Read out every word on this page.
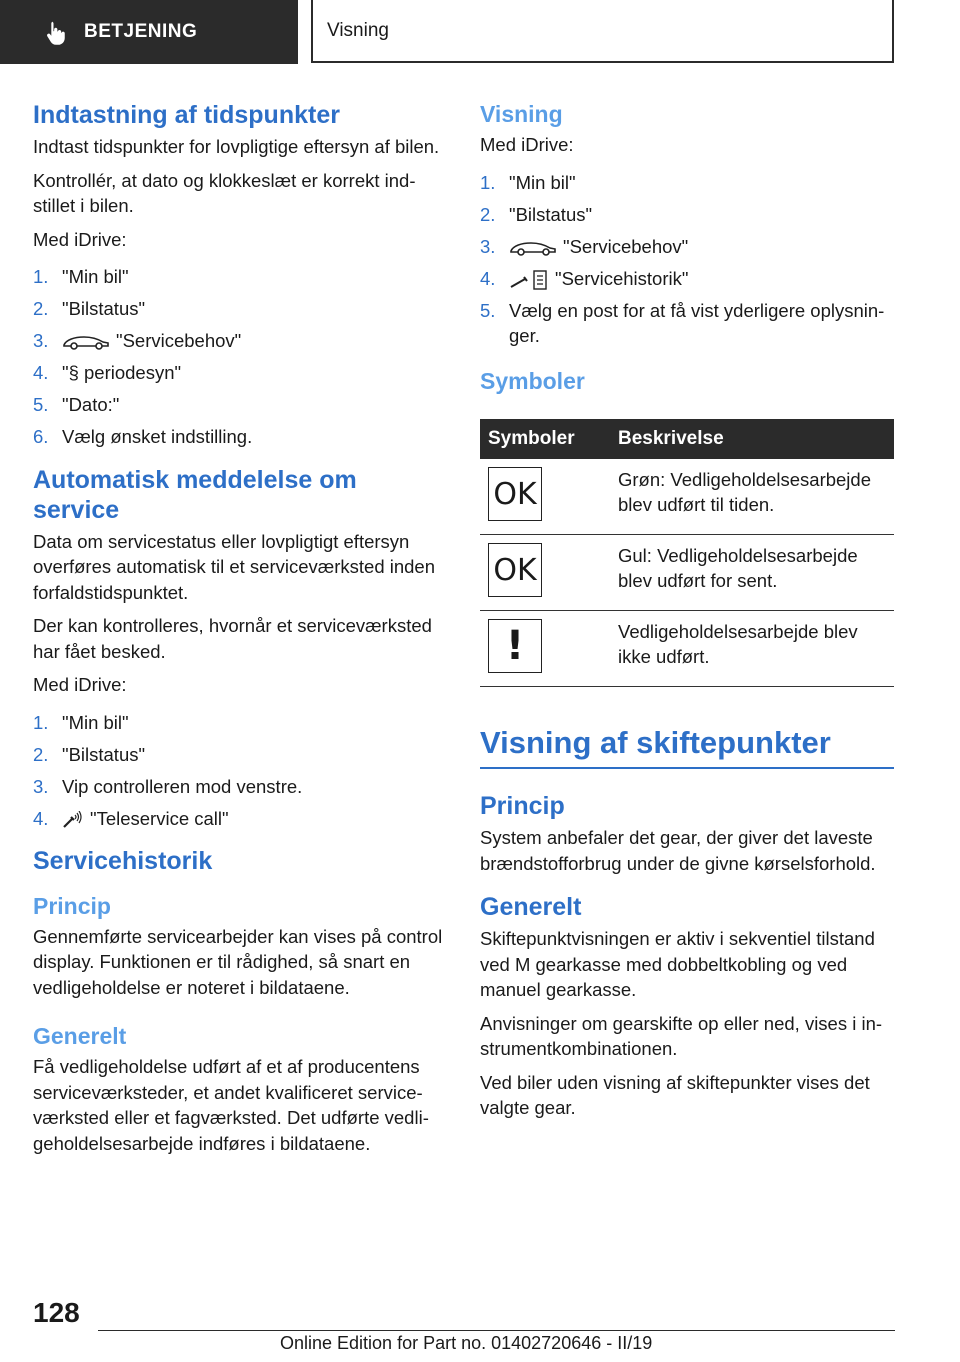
BETJENING	Visning
Indtastning af tidspunkter

Indtast tidspunkter for lovpligtige eftersyn af bilen.

Kontrollér, at dato og klokkeslæt er korrekt indstillet i bilen.

Med iDrive:

1. "Min bil"
2. "Bilstatus"
3.	"Servicebehov"
4. "§ periodesyn"
5. "Dato:"
6. Vælg ønsket indstilling.
Automatisk meddelelse om service

Data om servicestatus eller lovpligtigt eftersyn overføres automatisk til et serviceværksted inden forfaldstidspunktet.

Der kan kontrolleres, hvornår et serviceværksted har fået besked.

Med iDrive:

1. "Min bil"
2. "Bilstatus"
3. Vip controlleren mod venstre.
4.	"Teleservice call"
Servicehistorik
Princip

Gennemførte servicearbejder kan vises på control display. Funktionen er til rådighed, så snart en vedligeholdelse er noteret i bildataene.

Generelt

Få vedligeholdelse udført af et af producentens serviceværksteder, et andet kvalificeret serviceværksted eller et fagværksted. Det udførte vedligeholdelsesarbejde indføres i bildataene.

Visning

Med iDrive:

1. "Min bil"
2. "Bilstatus"
3.	"Servicebehov"
4.	"Servicehistorik"
5. Vælg en post for at få vist yderligere oplysninger.
Symboler
Symboler	Beskrivelse

OK	Grøn: Vedligeholdelsesarbejde blev udført til tiden.

OK	Gul: Vedligeholdelsesarbejde blev udført for sent.

!	Vedligeholdelsesarbejde blev ikke udført.
Visning af skiftepunkter
Princip

System anbefaler det gear, der giver det laveste brændstofforbrug under de givne kørselsforhold.

Generelt

Skiftepunktvisningen er aktiv i sekventiel tilstand ved M gearkasse med dobbeltkobling og ved manuel gearkasse.

Anvisninger om gearskifte op eller ned, vises i instrumentkombinationen.

Ved biler uden visning af skiftepunkter vises det valgte gear.

128
Online Edition for Part no. 01402720646 - II/19
